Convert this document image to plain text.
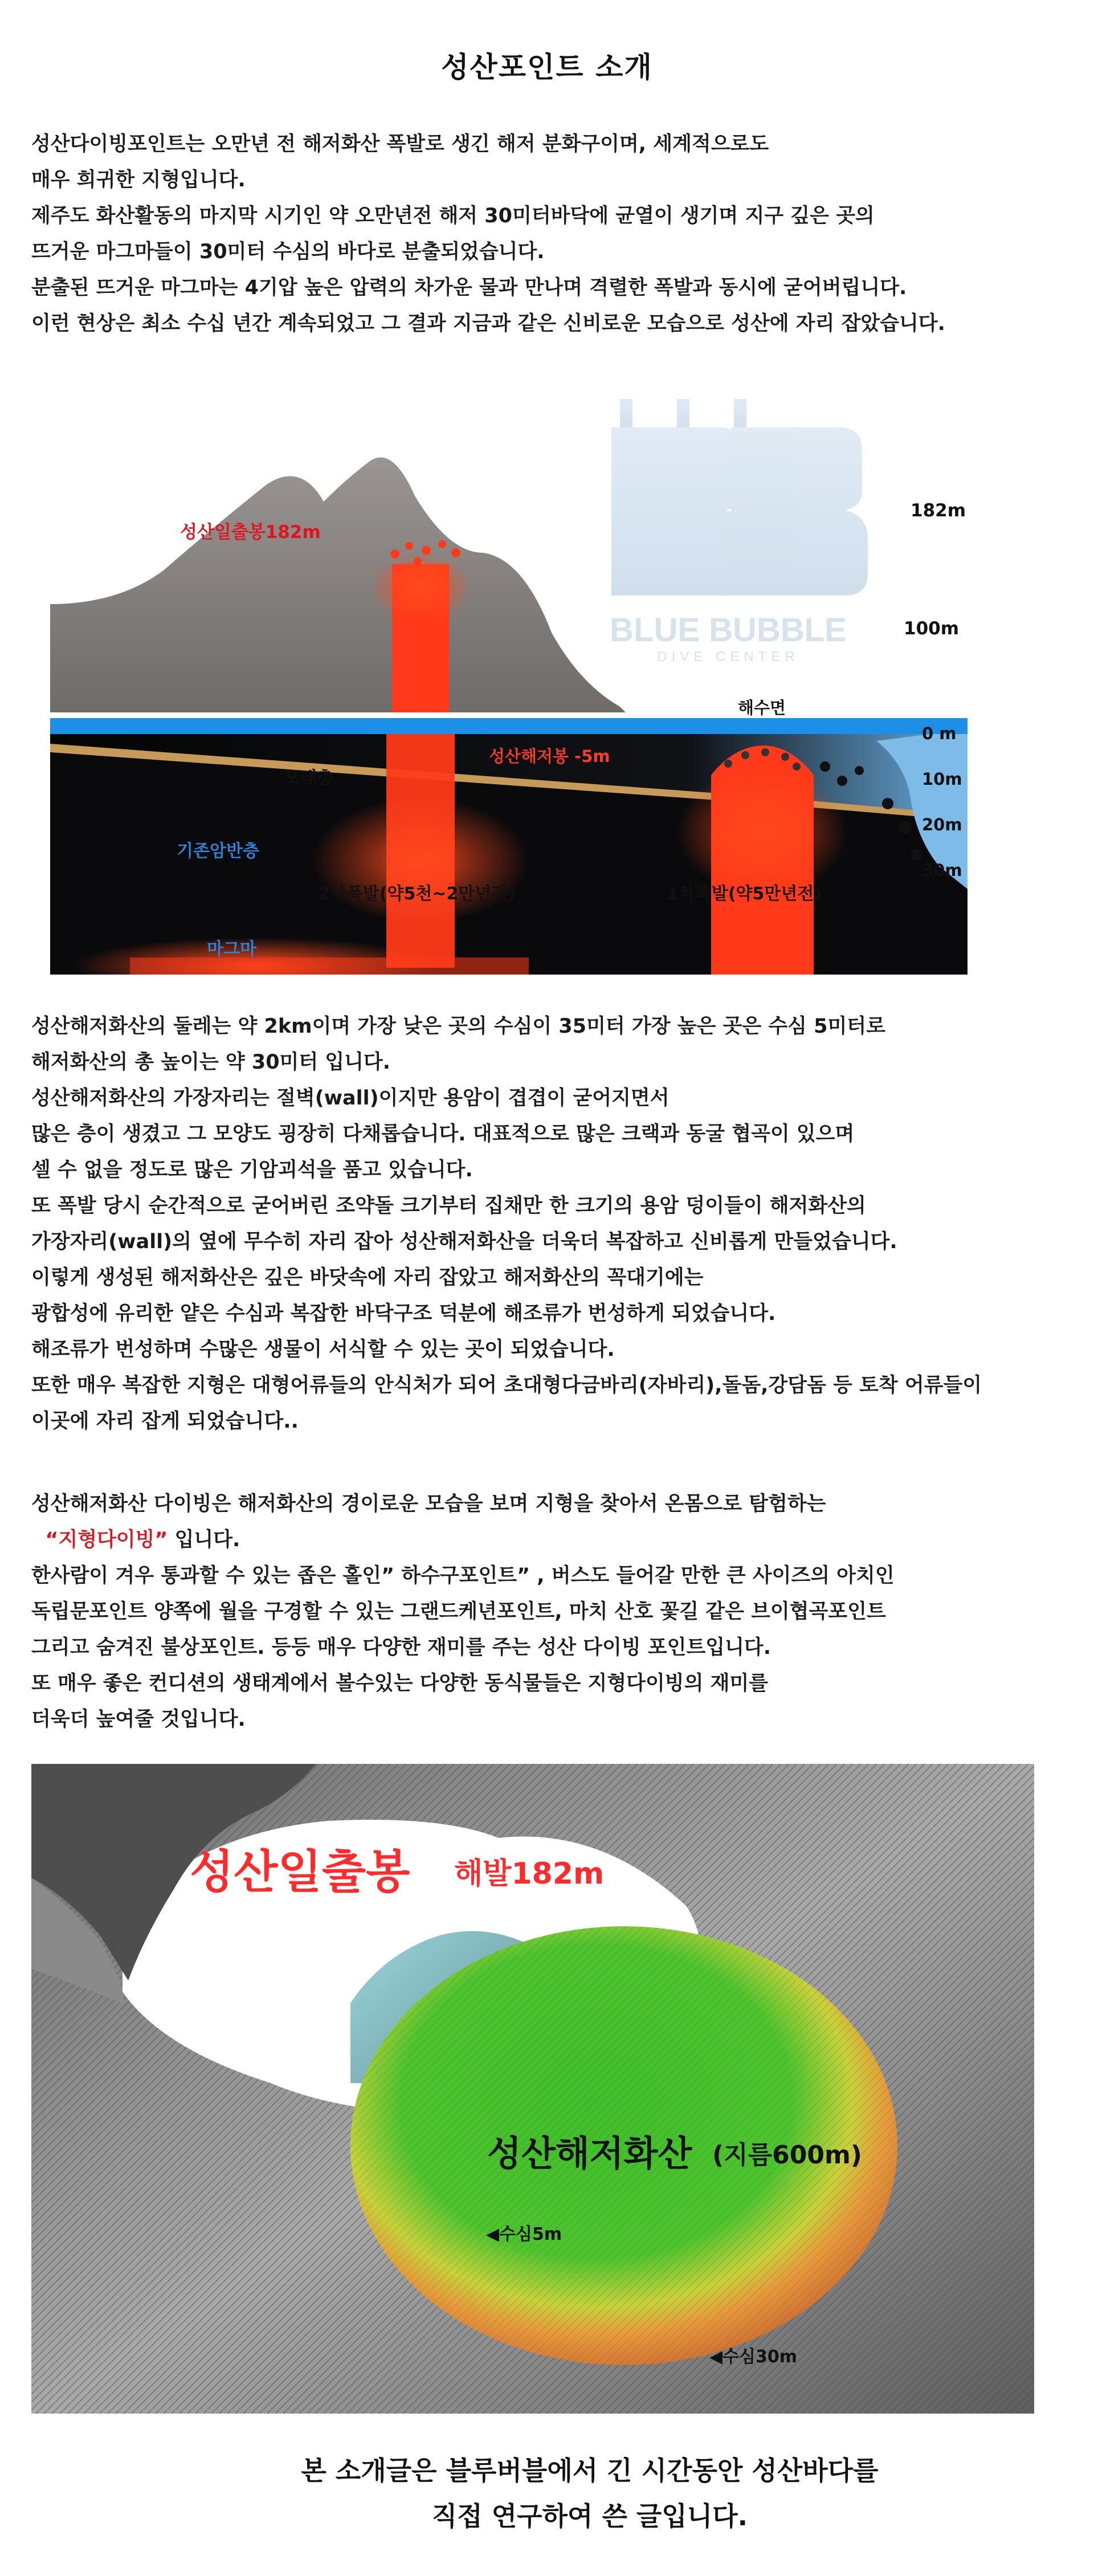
성산포인트 소개
성산다이빙포인트는 오만년 전 해저화산 폭발로 생긴 해저 분화구이며, 세계적으로도
매우 희귀한 지형입니다.
제주도 화산활동의 마지막 시기인 약 오만년전 해저 30미터바닥에 균열이 생기며 지구 깊은 곳의
뜨거운 마그마들이 30미터 수심의 바다로 분출되었습니다.
분출된 뜨거운 마그마는 4기압 높은 압력의 차가운 물과 만나며 격렬한 폭발과 동시에 굳어버립니다.
이런 현상은 최소 수십 년간 계속되었고 그 결과 지금과 같은 신비로운 모습으로 성산에 자리 잡았습니다.
BLUE BUBBLE
DIVE CENTER
성산일출봉182m
182m
100m
해수면
0 m
10m
20m
30m
성산해저봉 -5m
모래층
기존암반층
2차폭발(약5천~2만년전)	1차폭발(약5만년전)
마그마
성산해저화산의 둘레는 약 2km이며 가장 낮은 곳의 수심이 35미터 가장 높은 곳은 수심 5미터로
해저화산의 총 높이는 약 30미터 입니다.
성산해저화산의 가장자리는 절벽(wall)이지만 용암이 겹겹이 굳어지면서
많은 층이 생겼고 그 모양도 굉장히 다채롭습니다. 대표적으로 많은 크랙과 동굴 협곡이 있으며
셀 수 없을 정도로 많은 기암괴석을 품고 있습니다.
또 폭발 당시 순간적으로 굳어버린 조약돌 크기부터 집채만 한 크기의 용암 덩이들이 해저화산의
가장자리(wall)의 옆에 무수히 자리 잡아 성산해저화산을 더욱더 복잡하고 신비롭게 만들었습니다.
이렇게 생성된 해저화산은 깊은 바닷속에 자리 잡았고 해저화산의 꼭대기에는
광합성에 유리한 얕은 수심과 복잡한 바닥구조 덕분에 해조류가 번성하게 되었습니다.
해조류가 번성하며 수많은 생물이 서식할 수 있는 곳이 되었습니다.
또한 매우 복잡한 지형은 대형어류들의 안식처가 되어 초대형다금바리(자바리),돌돔,강담돔 등 토착 어류들이
이곳에 자리 잡게 되었습니다..
성산해저화산 다이빙은 해저화산의 경이로운 모습을 보며 지형을 찾아서 온몸으로 탐험하는
“지형다이빙” 입니다.
한사람이 겨우 통과할 수 있는 좁은 홀인” 하수구포인트” , 버스도 들어갈 만한 큰 사이즈의 아치인
독립문포인트 양쪽에 월을 구경할 수 있는 그랜드케년포인트, 마치 산호 꽃길 같은 브이협곡포인트
그리고 숨겨진 불상포인트. 등등 매우 다양한 재미를 주는 성산 다이빙 포인트입니다.
또 매우 좋은 컨디션의 생태계에서 볼수있는 다양한 동식물들은 지형다이빙의 재미를
더욱더 높여줄 것입니다.
성산일출봉 해발182m
성산해저화산 (지름600m)
◀수심5m
◀수심30m
본 소개글은 블루버블에서 긴 시간동안 성산바다를
직접 연구하여 쓴 글입니다.
